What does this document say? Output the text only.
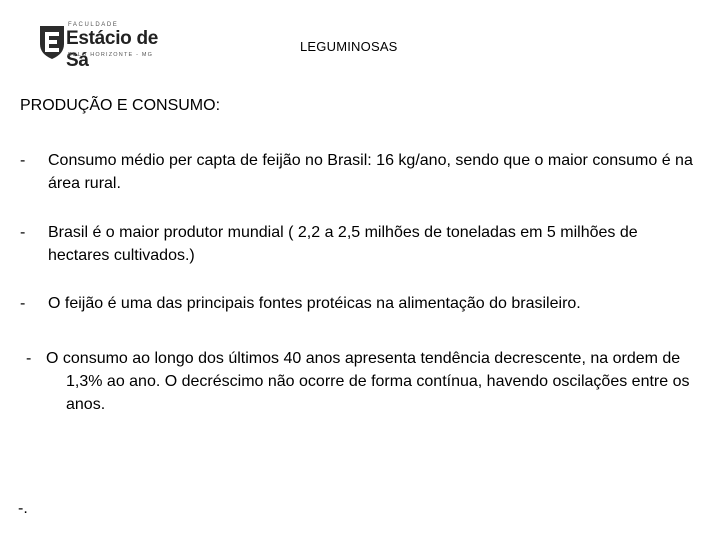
FACULDADE
Estácio de Sá
BELO HORIZONTE - MG
LEGUMINOSAS
PRODUÇÃO E CONSUMO:
- Consumo médio per capta de feijão no Brasil: 16 kg/ano, sendo que o maior consumo é na área rural.
- Brasil é o maior produtor mundial ( 2,2 a 2,5 milhões de toneladas em 5 milhões de hectares cultivados.)
- O feijão é uma das principais fontes protéicas na alimentação do brasileiro.
- O consumo ao longo dos últimos 40 anos apresenta tendência decrescente, na ordem de 1,3% ao ano. O decréscimo não ocorre de forma contínua, havendo oscilações entre os anos.
-.
